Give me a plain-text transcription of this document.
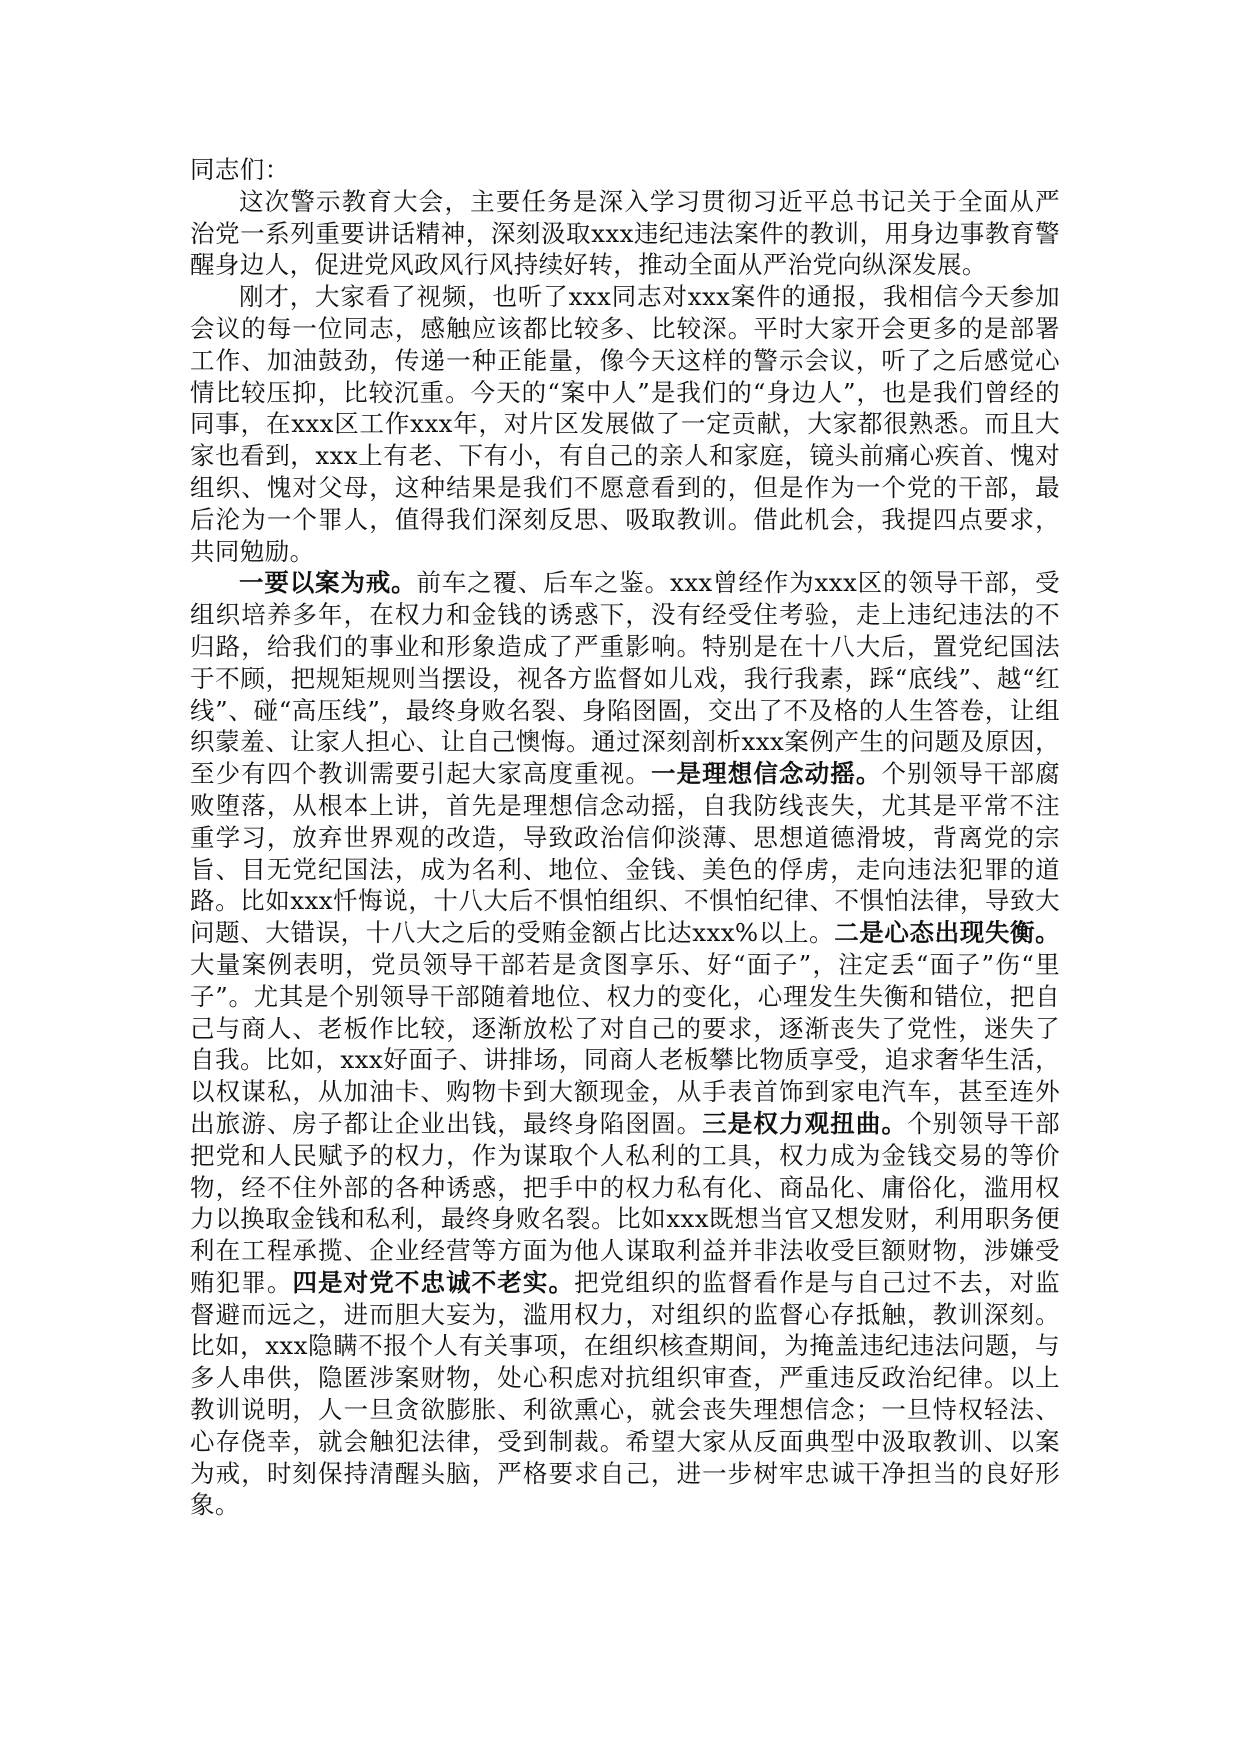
同志们：

这次警示教育大会，主要任务是深入学习贯彻习近平总书记关于全面从严治党一系列重要讲话精神，深刻汲取xxx违纪违法案件的教训，用身边事教育警醒身边人，促进党风政风行风持续好转，推动全面从严治党向纵深发展。

刚才，大家看了视频，也听了xxx同志对xxx案件的通报，我相信今天参加会议的每一位同志，感触应该都比较多、比较深。平时大家开会更多的是部署工作、加油鼓劲，传递一种正能量，像今天这样的警示会议，听了之后感觉心情比较压抑，比较沉重。今天的“案中人”是我们的“身边人”，也是我们曾经的同事，在xxx区工作xxx年，对片区发展做了一定贡献，大家都很熟悉。而且大家也看到，xxx上有老、下有小，有自己的亲人和家庭，镜头前痛心疾首、愧对组织、愧对父母，这种结果是我们不愿意看到的，但是作为一个党的干部，最后沦为一个罪人，值得我们深刻反思、吸取教训。借此机会，我提四点要求，共同勉励。

一要以案为戒。前车之覆、后车之鉴。xxx曾经作为xxx区的领导干部，受组织培养多年，在权力和金钱的诱惑下，没有经受住考验，走上违纪违法的不归路，给我们的事业和形象造成了严重影响。特别是在十八大后，置党纪国法于不顾，把规矩规则当摆设，视各方监督如儿戏，我行我素，踩“底线”、越“红线”、碰“高压线”，最终身败名裂、身陷囹圄，交出了不及格的人生答卷，让组织蒙羞、让家人担心、让自己懊悔。通过深刻剖析xxx案例产生的问题及原因，至少有四个教训需要引起大家高度重视。一是理想信念动摇。个别领导干部腐败堕落，从根本上讲，首先是理想信念动摇，自我防线丧失，尤其是平常不注重学习，放弃世界观的改造，导致政治信仰淡薄、思想道德滑坡，背离党的宗旨、目无党纪国法，成为名利、地位、金钱、美色的俘虏，走向违法犯罪的道路。比如xxx忏悔说，十八大后不惧怕组织、不惧怕纪律、不惧怕法律，导致大问题、大错误，十八大之后的受贿金额占比达xxx%以上。二是心态出现失衡。大量案例表明，党员领导干部若是贪图享乐、好“面子”，注定丢“面子”伤“里子”。尤其是个别领导干部随着地位、权力的变化，心理发生失衡和错位，把自己与商人、老板作比较，逐渐放松了对自己的要求，逐渐丧失了党性，迷失了自我。比如，xxx好面子、讲排场，同商人老板攀比物质享受，追求奢华生活，以权谋私，从加油卡、购物卡到大额现金，从手表首饰到家电汽车，甚至连外出旅游、房子都让企业出钱，最终身陷囹圄。三是权力观扭曲。个别领导干部把党和人民赋予的权力，作为谋取个人私利的工具，权力成为金钱交易的等价物，经不住外部的各种诱惑，把手中的权力私有化、商品化、庸俗化，滥用权力以换取金钱和私利，最终身败名裂。比如xxx既想当官又想发财，利用职务便利在工程承揽、企业经营等方面为他人谋取利益并非法收受巨额财物，涉嫌受贿犯罪。四是对党不忠诚不老实。把党组织的监督看作是与自己过不去，对监督避而远之，进而胆大妄为，滥用权力，对组织的监督心存抵触，教训深刻。比如，xxx隐瞒不报个人有关事项，在组织核查期间，为掩盖违纪违法问题，与多人串供，隐匿涉案财物，处心积虑对抗组织审查，严重违反政治纪律。以上教训说明，人一旦贪欲膨胀、利欲熏心，就会丧失理想信念；一旦恃权轻法、心存侥幸，就会触犯法律，受到制裁。希望大家从反面典型中汲取教训、以案为戒，时刻保持清醒头脑，严格要求自己，进一步树牢忠诚干净担当的良好形象。
